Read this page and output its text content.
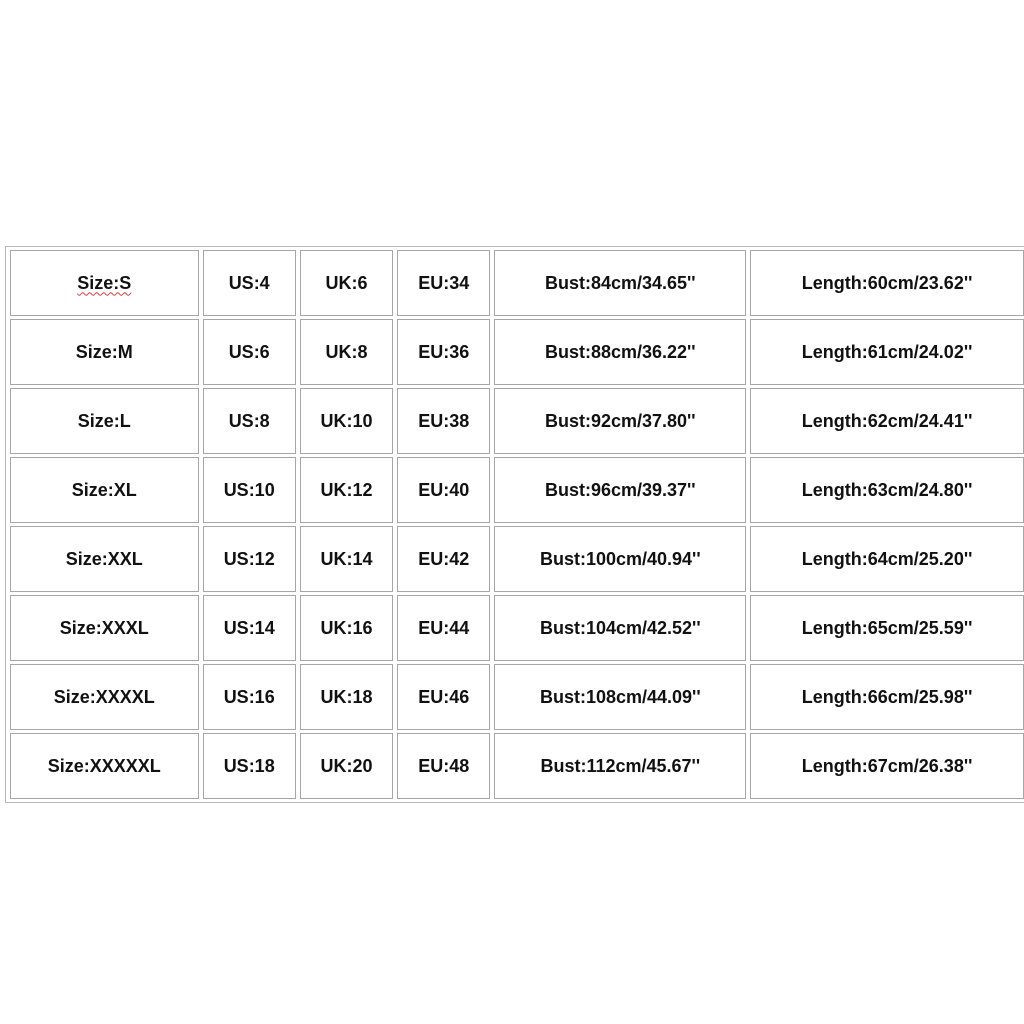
Size:S	US:4	UK:6	EU:34	Bust:84cm/34.65''	Length:60cm/23.62''
Size:M	US:6	UK:8	EU:36	Bust:88cm/36.22''	Length:61cm/24.02''
Size:L	US:8	UK:10	EU:38	Bust:92cm/37.80''	Length:62cm/24.41''
Size:XL	US:10	UK:12	EU:40	Bust:96cm/39.37''	Length:63cm/24.80''
Size:XXL	US:12	UK:14	EU:42	Bust:100cm/40.94''	Length:64cm/25.20''
Size:XXXL	US:14	UK:16	EU:44	Bust:104cm/42.52''	Length:65cm/25.59''
Size:XXXXL	US:16	UK:18	EU:46	Bust:108cm/44.09''	Length:66cm/25.98''
Size:XXXXXL	US:18	UK:20	EU:48	Bust:112cm/45.67''	Length:67cm/26.38''
